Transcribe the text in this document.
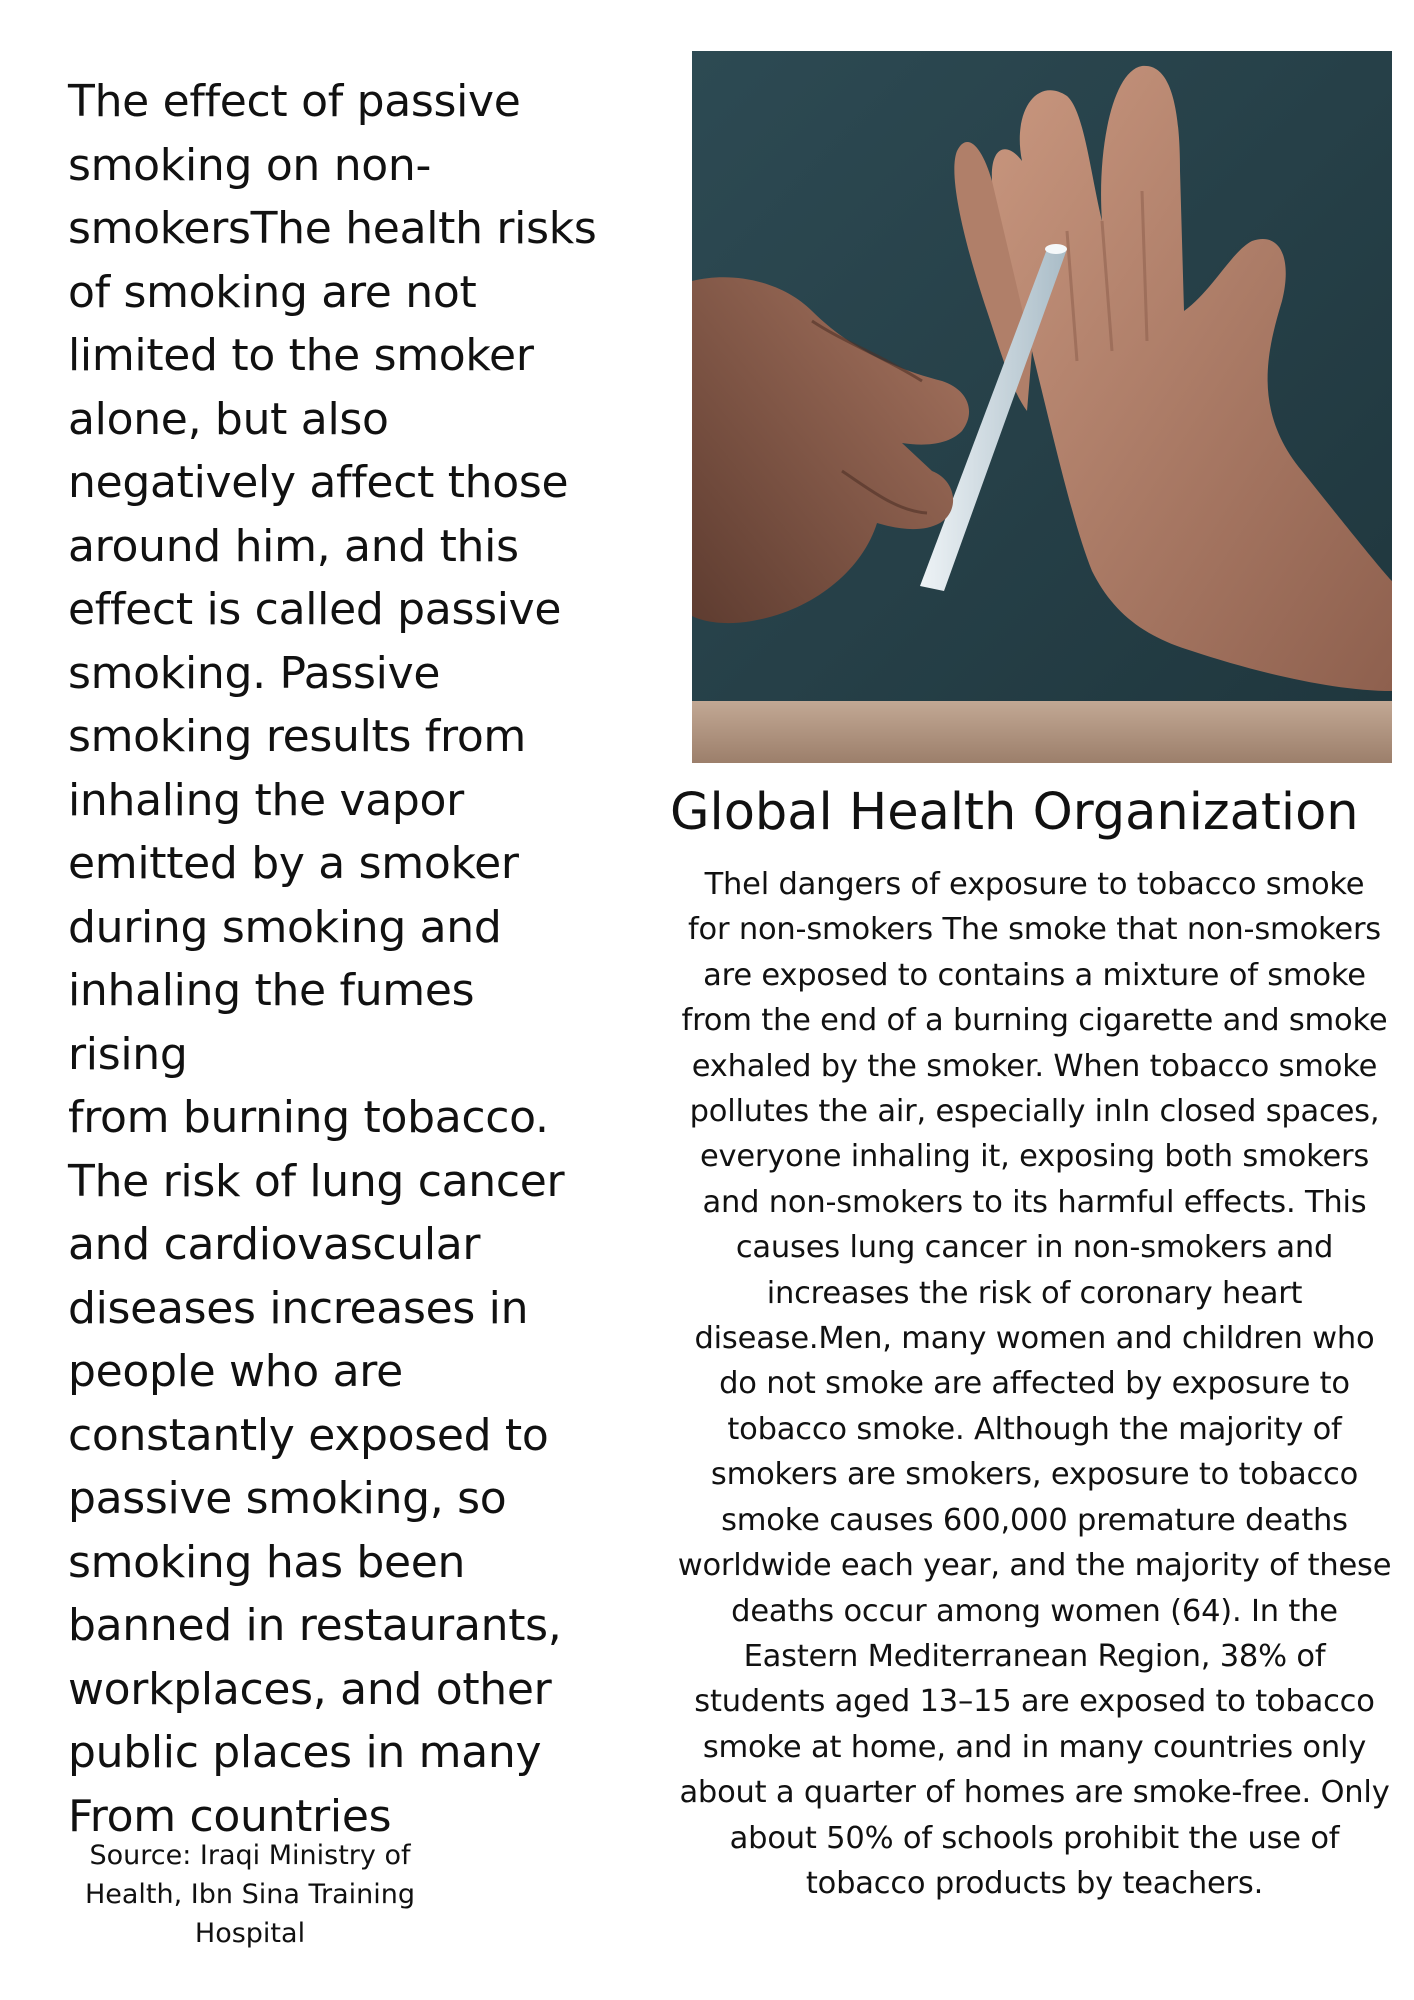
The effect of passive
smoking on non-
smokersThe health risks
of smoking are not
limited to the smoker
alone, but also
negatively affect those
around him, and this
effect is called passive
smoking. Passive
smoking results from
inhaling the vapor
emitted by a smoker
during smoking and
inhaling the fumes rising
from burning tobacco.
The risk of lung cancer
and cardiovascular
diseases increases in
people who are
constantly exposed to
passive smoking, so
smoking has been
banned in restaurants,
workplaces, and other
public places in many
From countries

Source: Iraqi Ministry of
Health, Ibn Sina Training
Hospital

Global Health Organization

Thel dangers of exposure to tobacco smoke
for non-smokers The smoke that non-smokers
are exposed to contains a mixture of smoke
from the end of a burning cigarette and smoke
exhaled by the smoker. When tobacco smoke
pollutes the air, especially inIn closed spaces,
everyone inhaling it, exposing both smokers
and non-smokers to its harmful effects. This
causes lung cancer in non-smokers and
increases the risk of coronary heart
disease.Men, many women and children who
do not smoke are affected by exposure to
tobacco smoke. Although the majority of
smokers are smokers, exposure to tobacco
smoke causes 600,000 premature deaths
worldwide each year, and the majority of these
deaths occur among women (64). In the
Eastern Mediterranean Region, 38% of
students aged 13–15 are exposed to tobacco
smoke at home, and in many countries only
about a quarter of homes are smoke-free. Only
about 50% of schools prohibit the use of
tobacco products by teachers.
